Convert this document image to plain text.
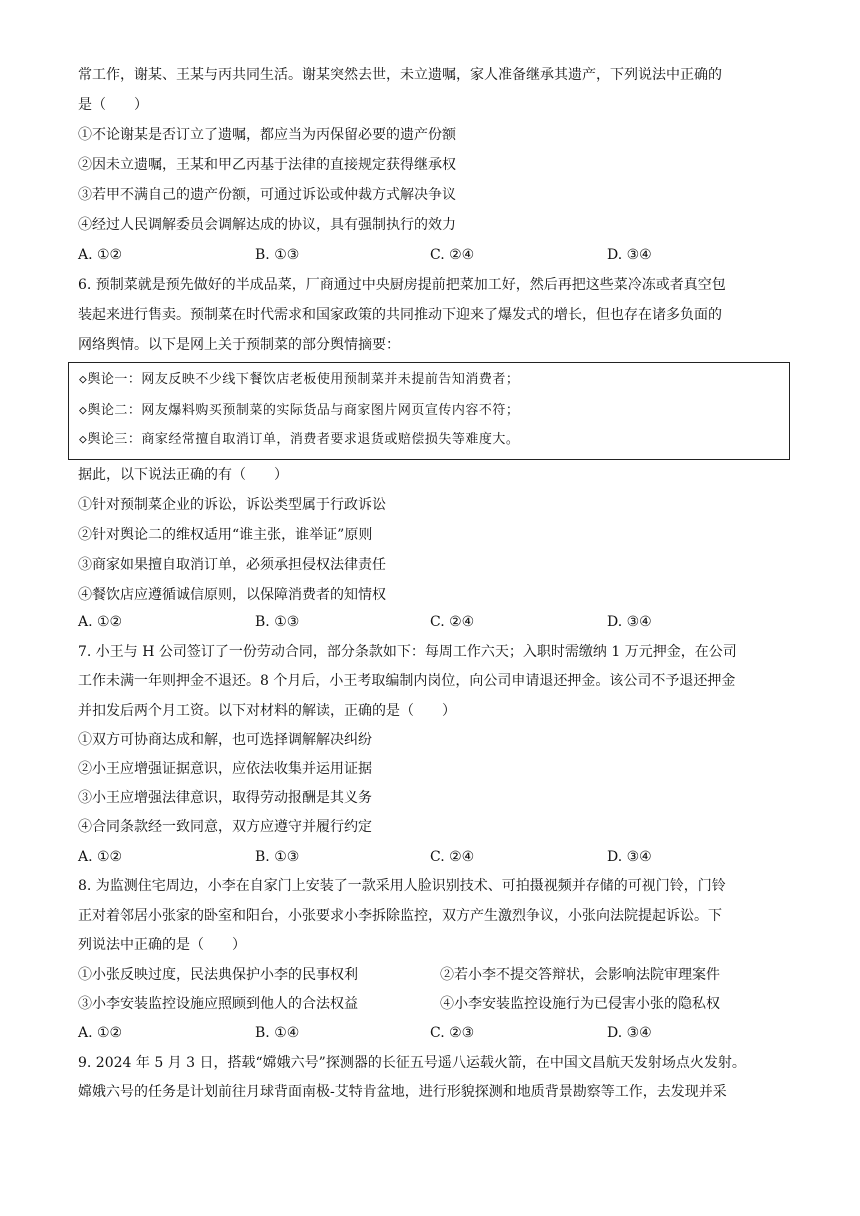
常工作，谢某、王某与丙共同生活。谢某突然去世，未立遗嘱，家人准备继承其遗产，下列说法中正确的
是（　　）
①不论谢某是否订立了遗嘱，都应当为丙保留必要的遗产份额
②因未立遗嘱，王某和甲乙丙基于法律的直接规定获得继承权
③若甲不满自己的遗产份额，可通过诉讼或仲裁方式解决争议
④经过人民调解委员会调解达成的协议，具有强制执行的效力
A. ①②	B. ①③	C. ②④	D. ③④
6. 预制菜就是预先做好的半成品菜，厂商通过中央厨房提前把菜加工好，然后再把这些菜冷冻或者真空包
装起来进行售卖。预制菜在时代需求和国家政策的共同推动下迎来了爆发式的增长，但也存在诸多负面的
网络舆情。以下是网上关于预制菜的部分舆情摘要：
◇舆论一：网友反映不少线下餐饮店老板使用预制菜并未提前告知消费者；
◇舆论二：网友爆料购买预制菜的实际货品与商家图片网页宣传内容不符；
◇舆论三：商家经常擅自取消订单，消费者要求退货或赔偿损失等难度大。
据此，以下说法正确的有（　　）
①针对预制菜企业的诉讼，诉讼类型属于行政诉讼
②针对舆论二的维权适用“谁主张，谁举证”原则
③商家如果擅自取消订单，必须承担侵权法律责任
④餐饮店应遵循诚信原则，以保障消费者的知情权
A. ①②	B. ①③	C. ②④	D. ③④
7. 小王与 H 公司签订了一份劳动合同，部分条款如下：每周工作六天；入职时需缴纳 1 万元押金，在公司
工作未满一年则押金不退还。8 个月后，小王考取编制内岗位，向公司申请退还押金。该公司不予退还押金
并扣发后两个月工资。以下对材料的解读，正确的是（　　）
①双方可协商达成和解，也可选择调解解决纠纷
②小王应增强证据意识，应依法收集并运用证据
③小王应增强法律意识，取得劳动报酬是其义务
④合同条款经一致同意，双方应遵守并履行约定
A. ①②	B. ①③	C. ②④	D. ③④
8. 为监测住宅周边，小李在自家门上安装了一款采用人脸识别技术、可拍摄视频并存储的可视门铃，门铃
正对着邻居小张家的卧室和阳台，小张要求小李拆除监控，双方产生激烈争议，小张向法院提起诉讼。下
列说法中正确的是（　　）
①小张反映过度，民法典保护小李的民事权利	②若小李不提交答辩状，会影响法院审理案件
③小李安装监控设施应照顾到他人的合法权益	④小李安装监控设施行为已侵害小张的隐私权
A. ①②	B. ①④	C. ②③	D. ③④
9. 2024 年 5 月 3 日，搭载“嫦娥六号”探测器的长征五号遥八运载火箭，在中国文昌航天发射场点火发射。
嫦娥六号的任务是计划前往月球背面南极-艾特肯盆地，进行形貌探测和地质背景勘察等工作，去发现并采
